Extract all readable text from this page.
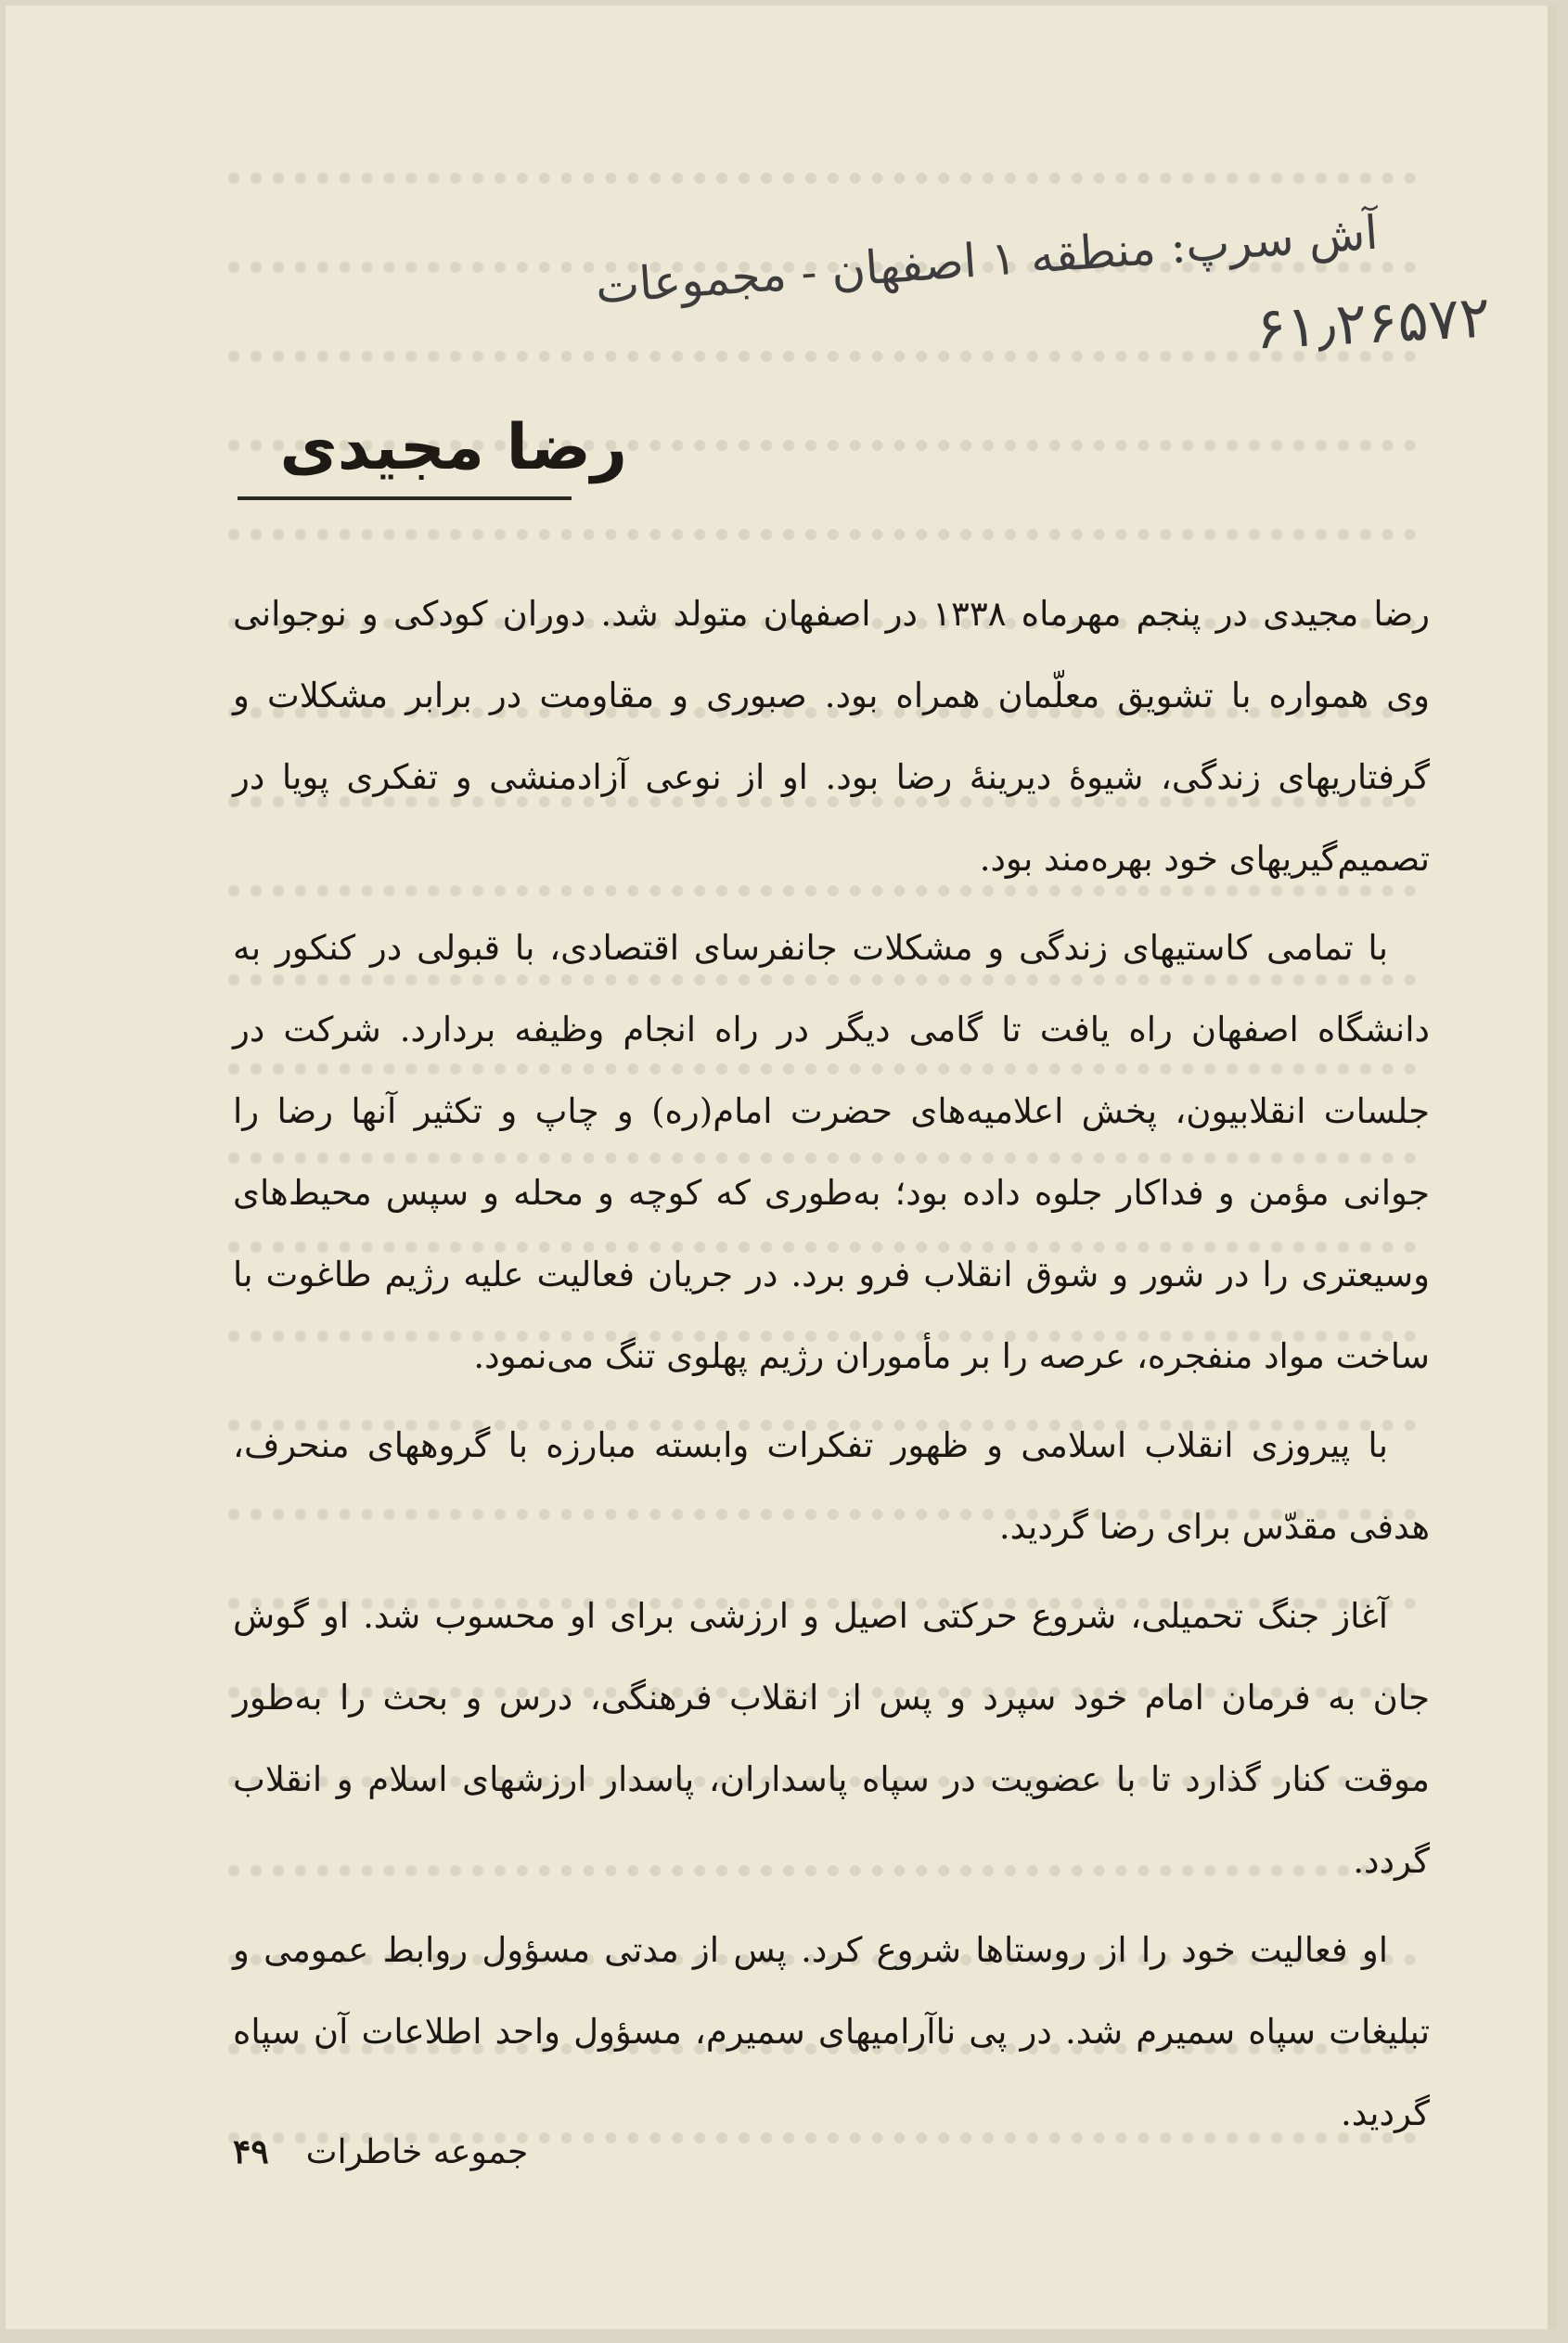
آش سرپ: منطقه ۱ اصفهان - مجموعات
۶۱٫۲۶۵۷۲
رضا مجیدی

رضا مجیدی در پنجم مهرماه ۱۳۳۸ در اصفهان متولد شد. دوران کودکی و نوجوانی وی همواره با تشویق معلّمان همراه بود. صبوری و مقاومت در برابر مشکلات و گرفتاریهای زندگی، شیوهٔ دیرینهٔ رضا بود. او از نوعی آزادمنشی و تفکری پویا در تصمیم‌گیریهای خود بهره‌مند بود.

با تمامی کاستیهای زندگی و مشکلات جانفرسای اقتصادی، با قبولی در کنکور به دانشگاه اصفهان راه یافت تا گامی دیگر در راه انجام وظیفه بردارد. شرکت در جلسات انقلابیون، پخش اعلامیه‌های حضرت امام(ره) و چاپ و تکثیر آنها رضا را جوانی مؤمن و فداکار جلوه داده بود؛ به‌طوری که کوچه و محله و سپس محیط‌های وسیعتری را در شور و شوق انقلاب فرو برد. در جریان فعالیت علیه رژیم طاغوت با ساخت مواد منفجره، عرصه را بر مأموران رژیم پهلوی تنگ می‌نمود.

با پیروزی انقلاب اسلامی و ظهور تفکرات وابسته مبارزه با گروههای منحرف، هدفی مقدّس برای رضا گردید.

آغاز جنگ تحمیلی، شروع حرکتی اصیل و ارزشی برای او محسوب شد. او گوش جان به فرمان امام خود سپرد و پس از انقلاب فرهنگی، درس و بحث را به‌طور موقت کنار گذارد تا با عضویت در سپاه پاسداران، پاسدار ارزشهای اسلام و انقلاب گردد.

او فعالیت خود را از روستاها شروع کرد. پس از مدتی مسؤول روابط عمومی و تبلیغات سپاه سمیرم شد. در پی ناآرامیهای سمیرم، مسؤول واحد اطلاعات آن سپاه گردید.

جموعه خاطرات
۴۹
